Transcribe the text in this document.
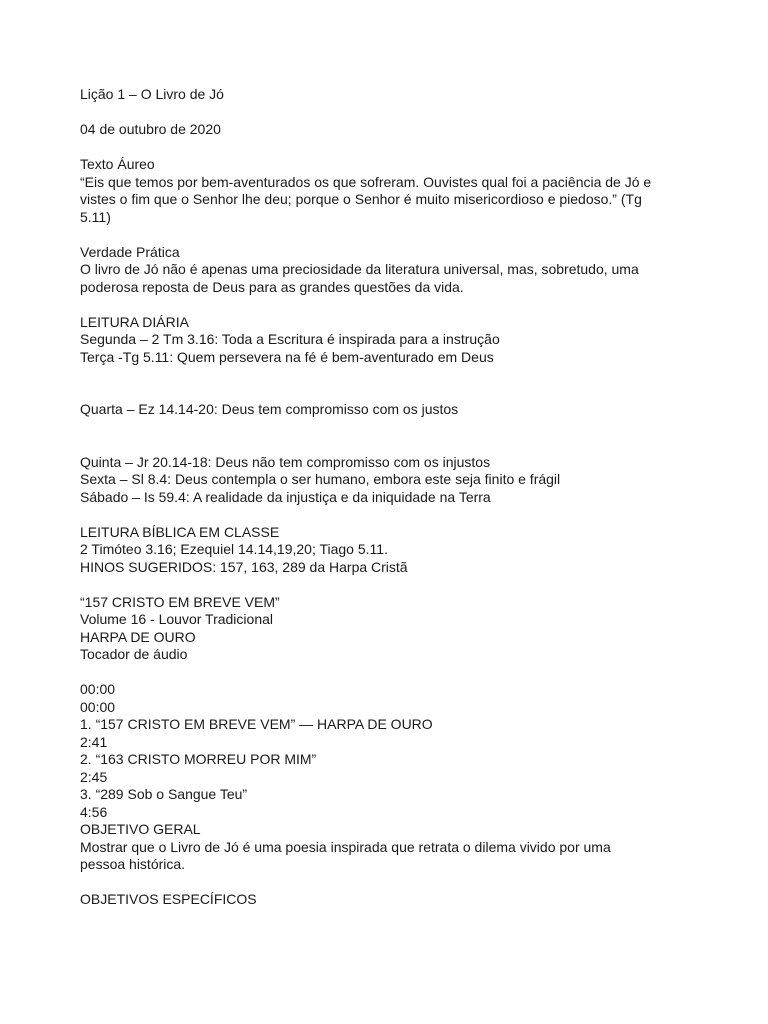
Lição 1 – O Livro de Jó
04 de outubro de 2020
Texto Áureo
“Eis que temos por bem-aventurados os que sofreram. Ouvistes qual foi a paciência de Jó e
vistes o fim que o Senhor lhe deu; porque o Senhor é muito misericordioso e piedoso.” (Tg
5.11)
Verdade Prática
O livro de Jó não é apenas uma preciosidade da literatura universal, mas, sobretudo, uma
poderosa reposta de Deus para as grandes questões da vida.
LEITURA DIÁRIA
Segunda – 2 Tm 3.16: Toda a Escritura é inspirada para a instrução
Terça -Tg 5.11: Quem persevera na fé é bem-aventurado em Deus
Quarta – Ez 14.14-20: Deus tem compromisso com os justos
Quinta – Jr 20.14-18: Deus não tem compromisso com os injustos
Sexta – Sl 8.4: Deus contempla o ser humano, embora este seja finito e frágil
Sábado – Is 59.4: A realidade da injustiça e da iniquidade na Terra
LEITURA BÍBLICA EM CLASSE
2 Timóteo 3.16; Ezequiel 14.14,19,20; Tiago 5.11.
HINOS SUGERIDOS: 157, 163, 289 da Harpa Cristã
“157 CRISTO EM BREVE VEM”
Volume 16 - Louvor Tradicional
HARPA DE OURO
Tocador de áudio
00:00
00:00
1. “157 CRISTO EM BREVE VEM” — HARPA DE OURO
2:41
2. “163 CRISTO MORREU POR MIM”
2:45
3. “289 Sob o Sangue Teu”
4:56
OBJETIVO GERAL
Mostrar que o Livro de Jó é uma poesia inspirada que retrata o dilema vivido por uma
pessoa histórica.
OBJETIVOS ESPECÍFICOS
